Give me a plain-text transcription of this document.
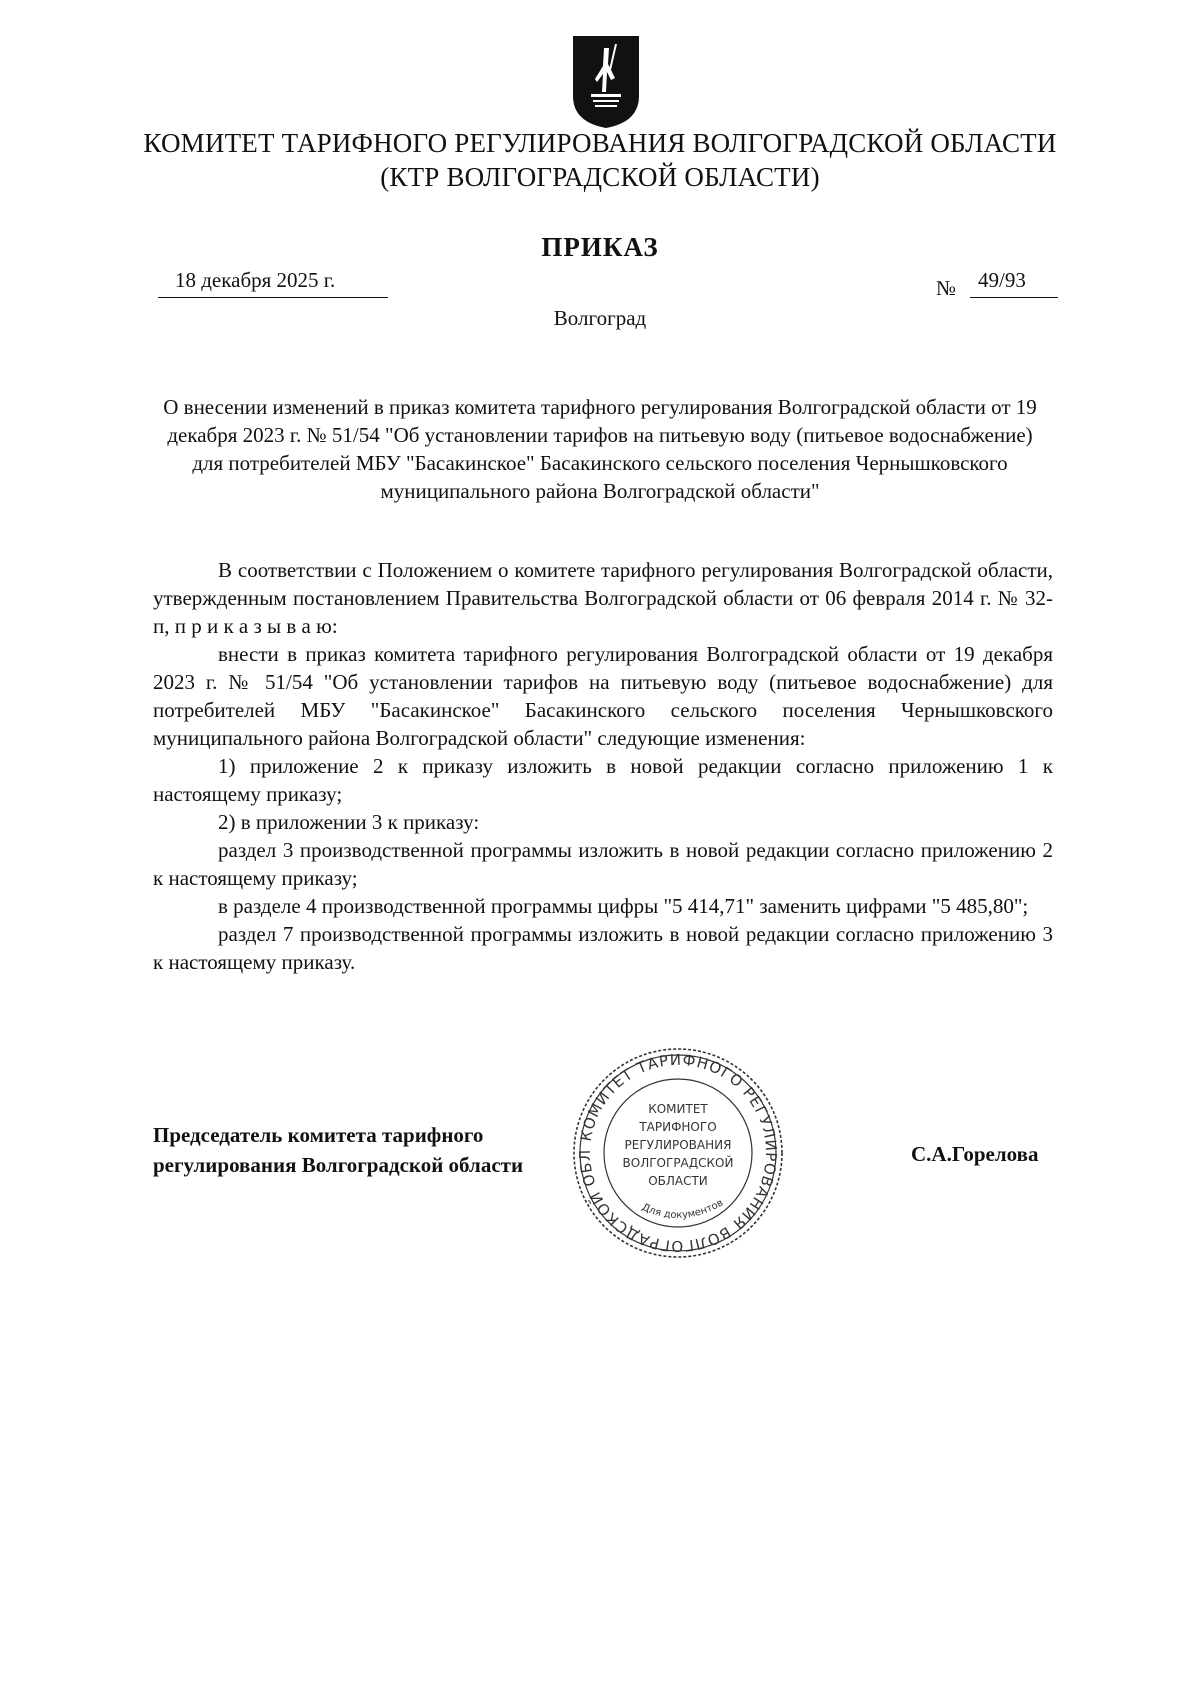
КОМИТЕТ ТАРИФНОГО РЕГУЛИРОВАНИЯ ВОЛГОГРАДСКОЙ ОБЛАСТИ
(КТР ВОЛГОГРАДСКОЙ ОБЛАСТИ)
ПРИКАЗ
18 декабря 2025 г.	№ 49/93
Волгоград
О внесении изменений в приказ комитета тарифного регулирования Волгоградской области от 19 декабря 2023 г. № 51/54 "Об установлении тарифов на питьевую воду (питьевое водоснабжение) для потребителей МБУ "Басакинское" Басакинского сельского поселения Чернышковского муниципального района Волгоградской области"

В соответствии с Положением о комитете тарифного регулирования Волгоградской области, утвержденным постановлением Правительства Волгоградской области от 06 февраля 2014 г. № 32-п, п р и к а з ы в а ю:

внести в приказ комитета тарифного регулирования Волгоградской области от 19 декабря 2023 г. № 51/54 "Об установлении тарифов на питьевую воду (питьевое водоснабжение) для потребителей МБУ "Басакинское" Басакинского сельского поселения Чернышковского муниципального района Волгоградской области" следующие изменения:

1) приложение 2 к приказу изложить в новой редакции согласно приложению 1 к настоящему приказу;

2) в приложении 3 к приказу:

раздел 3 производственной программы изложить в новой редакции согласно приложению 2 к настоящему приказу;

в разделе 4 производственной программы цифры "5 414,71" заменить цифрами "5 485,80";

раздел 7 производственной программы изложить в новой редакции согласно приложению 3 к настоящему приказу.

КОМИТЕТ ТАРИФНОГО РЕГУЛИРОВАНИЯ ВОЛГОГРАДСКОЙ ОБЛ
КОМИТЕТ
ТАРИФНОГО
РЕГУЛИРОВАНИЯ
ВОЛГОГРАДСКОЙ
ОБЛАСТИ
Для документов
Председатель комитета тарифного
регулирования Волгоградской области	С.А.Горелова
